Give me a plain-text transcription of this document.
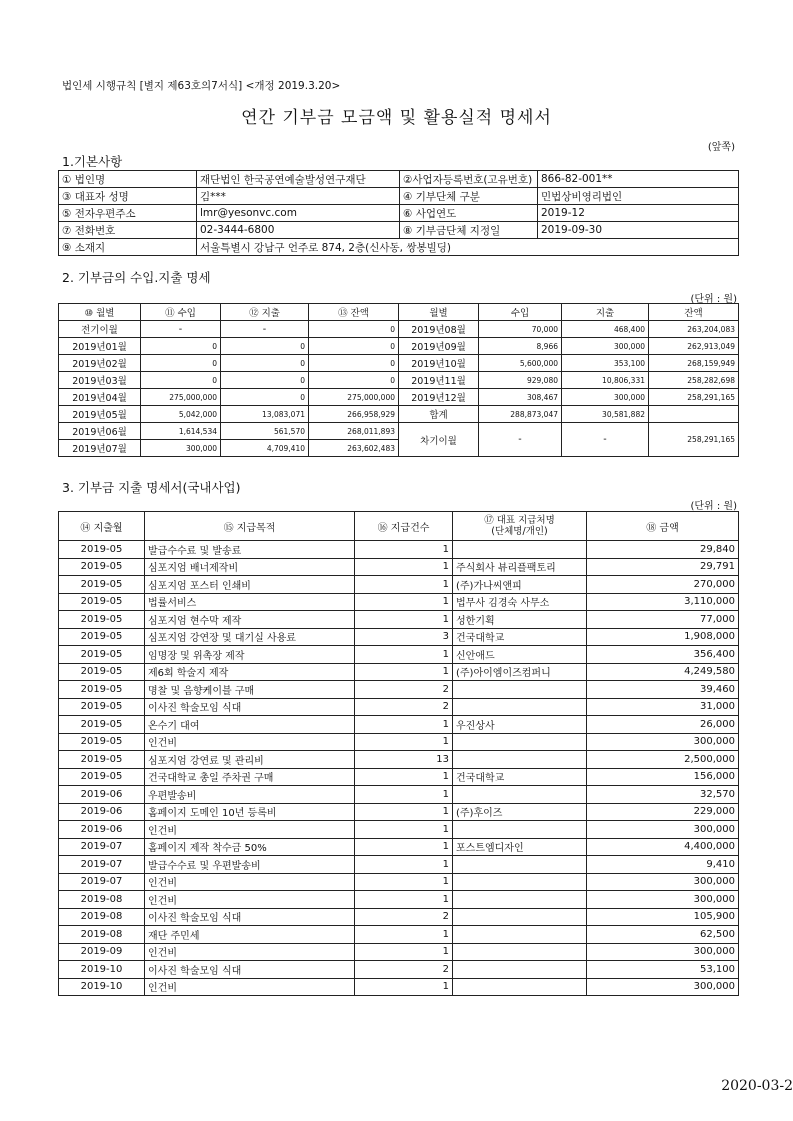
법인세 시행규칙 [별지 제63호의7서식] <개정 2019.3.20>
연간 기부금 모금액 및 활용실적 명세서
(앞쪽)
1.기본사항
① 법인명	재단법인 한국공연예술발성연구재단	②사업자등록번호(고유번호)	866-82-001**
③ 대표자 성명	김***	④ 기부단체 구분	민법상비영리법인
⑤ 전자우편주소	lmr@yesonvc.com	⑥ 사업연도	2019-12
⑦ 전화번호	02-3444-6800	⑧ 기부금단체 지정일	2019-09-30
⑨ 소재지	서울특별시 강남구 언주로 874, 2층(신사동, 쌍봉빌딩)		
2. 기부금의 수입.지출 명세
(단위 : 원)
⑩ 월별	⑪ 수입	⑫ 지출	⑬ 잔액	월별	수입	지출	잔액
전기이월	-	-	0	2019년08월	70,000	468,400	263,204,083
2019년01월	0	0	0	2019년09월	8,966	300,000	262,913,049
2019년02월	0	0	0	2019년10월	5,600,000	353,100	268,159,949
2019년03월	0	0	0	2019년11월	929,080	10,806,331	258,282,698
2019년04월	275,000,000	0	275,000,000	2019년12월	308,467	300,000	258,291,165
2019년05월	5,042,000	13,083,071	266,958,929	합계	288,873,047	30,581,882	
2019년06월	1,614,534	561,570	268,011,893	차기이월	-	-	258,291,165
2019년07월	300,000	4,709,410	263,602,483				
3. 기부금 지출 명세서(국내사업)
(단위 : 원)
⑭ 지출월	⑮ 지급목적	⑯ 지급건수	⑰ 대표 지급처명
(단체명/개인)	⑱ 금액
2019-05	발급수수료 및 발송료	1		29,840
2019-05	심포지엄 배너제작비	1	주식회사 뷰리플팩토리	29,791
2019-05	심포지엄 포스터 인쇄비	1	(주)가나씨앤피	270,000
2019-05	법률서비스	1	법무사 김경숙 사무소	3,110,000
2019-05	심포지엄 현수막 제작	1	성한기획	77,000
2019-05	심포지엄 강연장 및 대기실 사용료	3	건국대학교	1,908,000
2019-05	임명장 및 위촉장 제작	1	신안애드	356,400
2019-05	제6회 학술지 제작	1	(주)아이엠이즈컴퍼니	4,249,580
2019-05	명찰 및 음향케이블 구매	2		39,460
2019-05	이사진 학술모임 식대	2		31,000
2019-05	온수기 대여	1	우진상사	26,000
2019-05	인건비	1		300,000
2019-05	심포지엄 강연료 및 관리비	13		2,500,000
2019-05	건국대학교 총일 주차권 구매	1	건국대학교	156,000
2019-06	우편발송비	1		32,570
2019-06	홈페이지 도메인 10년 등록비	1	(주)후이즈	229,000
2019-06	인건비	1		300,000
2019-07	홈페이지 제작 착수금 50%	1	포스트엠디자인	4,400,000
2019-07	발급수수료 및 우편발송비	1		9,410
2019-07	인건비	1		300,000
2019-08	인건비	1		300,000
2019-08	이사진 학술모임 식대	2		105,900
2019-08	재단 주민세	1		62,500
2019-09	인건비	1		300,000
2019-10	이사진 학술모임 식대	2		53,100
2019-10	인건비	1		300,000
2020-03-2
